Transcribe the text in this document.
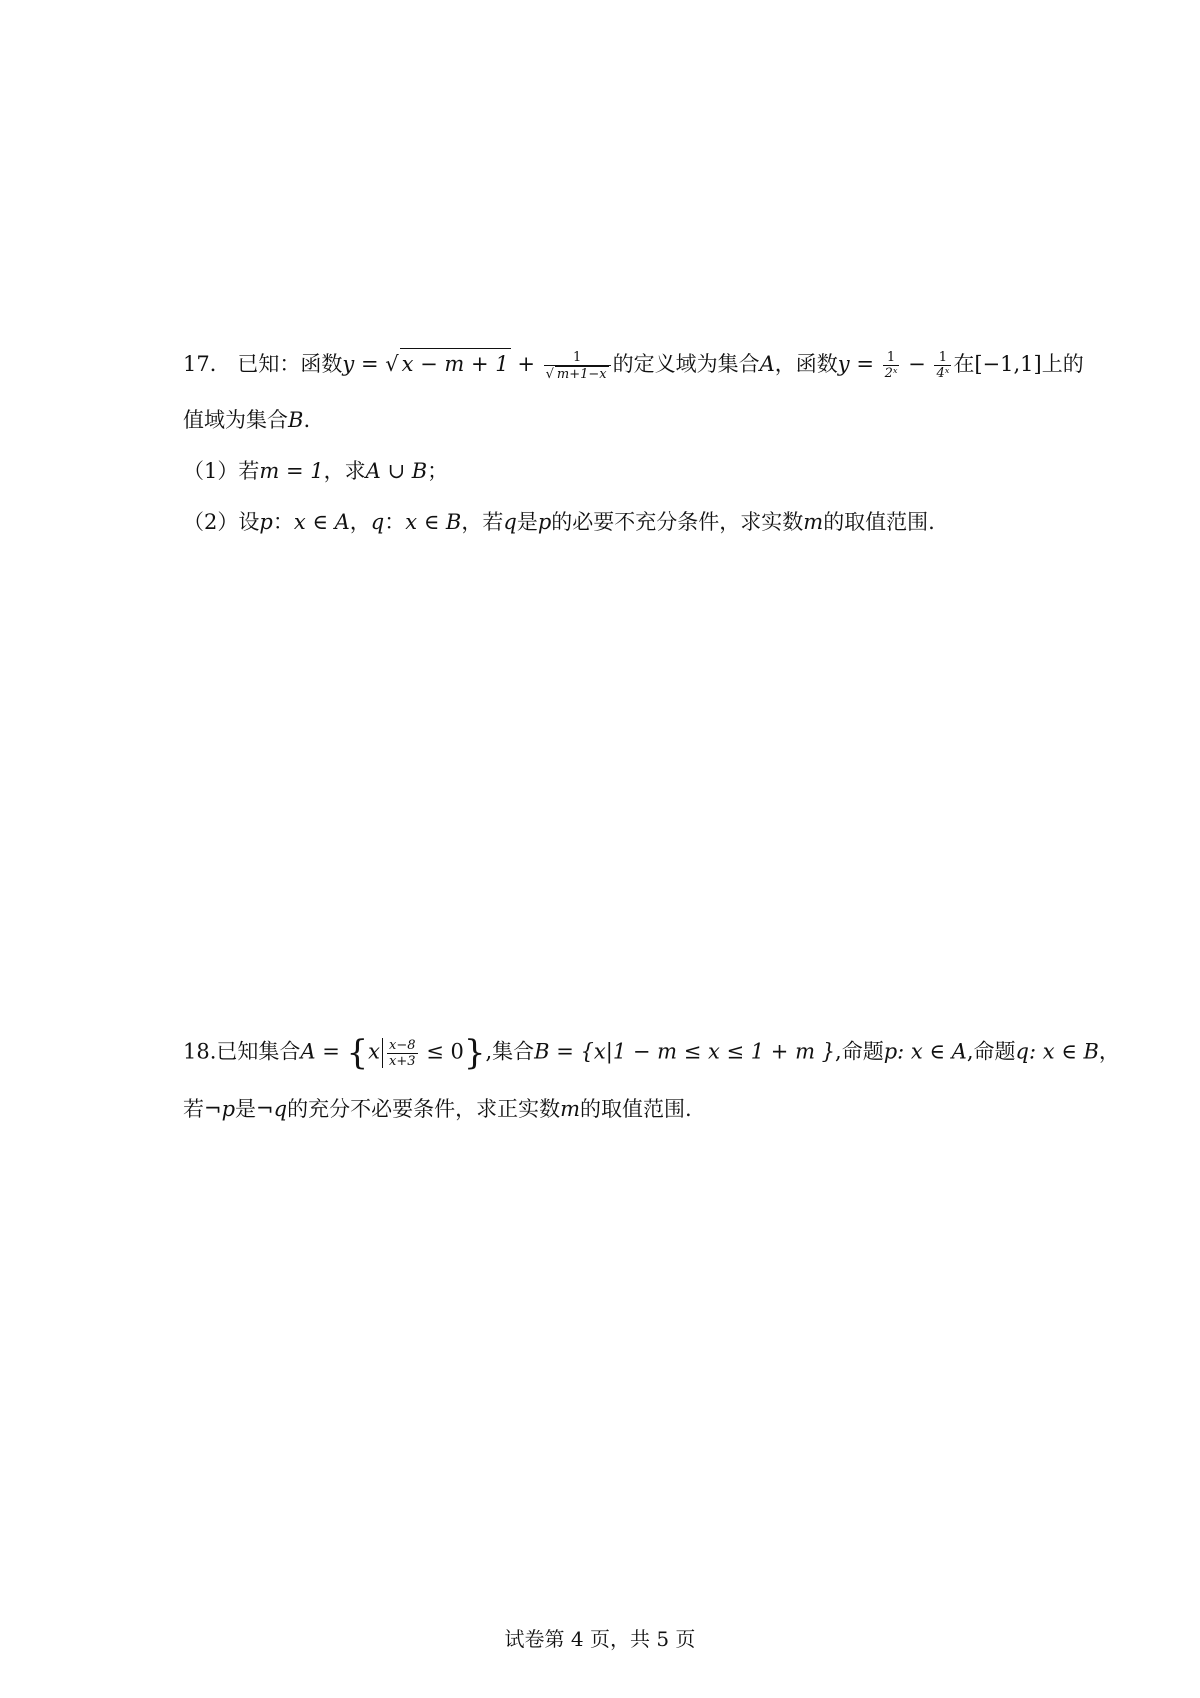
17． 已知：函数y = √ $x - m + 1 + \frac{1}{√ m+1-x}$ 的定义域为集合A，函数$y = \frac{1}{\text{2ˣ}} - \frac{1}{\text{4ˣ}}$ 在[−1,1]上的
值域为集合B.
（1）若m = 1，求A ∪ B；
（2）设p：x ∈ A，q：x ∈ B，若q是p的必要不充分条件，求实数m的取值范围.
18.已知集合$A = \{x \frac{x-8}{x+3} \le 0\}$,集合B = {x|1 − m ≤ x ≤ 1 + m },命题p: x ∈ A,命题q: x ∈ B，
若¬p是¬q的充分不必要条件，求正实数m的取值范围.
试卷第 4 页，共 5 页
